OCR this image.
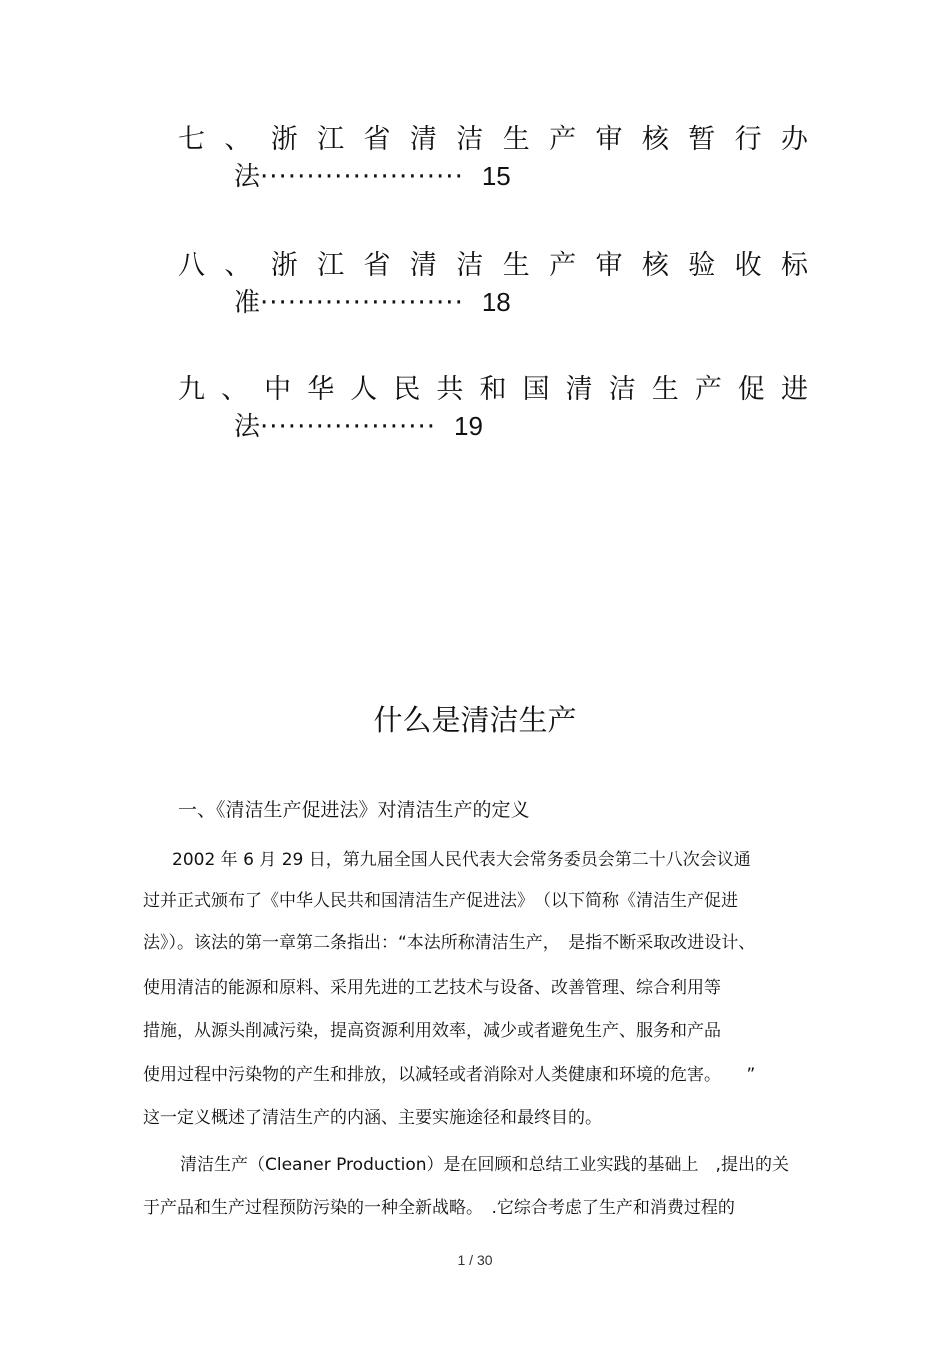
七、浙江省清洁生产审核暂行办
法······················ 15
八、浙江省清洁生产审核验收标
准······················ 18
九、中华人民共和国清洁生产促进
法··················· 19
什么是清洁生产
一、《清洁生产促进法》对清洁生产的定义
2002 年 6 月 29 日，第九届全国人民代表大会常务委员会第二十八次会议通
过并正式颁布了《中华人民共和国清洁生产促进法》　（以下简称《清洁生产促进
法》）。该法的第一章第二条指出：“本法所称清洁生产，　是指不断采取改进设计、
使用清洁的能源和原料、采用先进的工艺技术与设备、改善管理、综合利用等
措施，从源头削减污染，提高资源利用效率，减少或者避免生产、服务和产品
使用过程中污染物的产生和排放，以减轻或者消除对人类健康和环境的危害。　　”
这一定义概述了清洁生产的内涵、主要实施途径和最终目的。
清洁生产（Cleaner Production）是在回顾和总结工业实践的基础上　,提出的关
于产品和生产过程预防污染的一种全新战略。　.它综合考虑了生产和消费过程的
1 / 30
